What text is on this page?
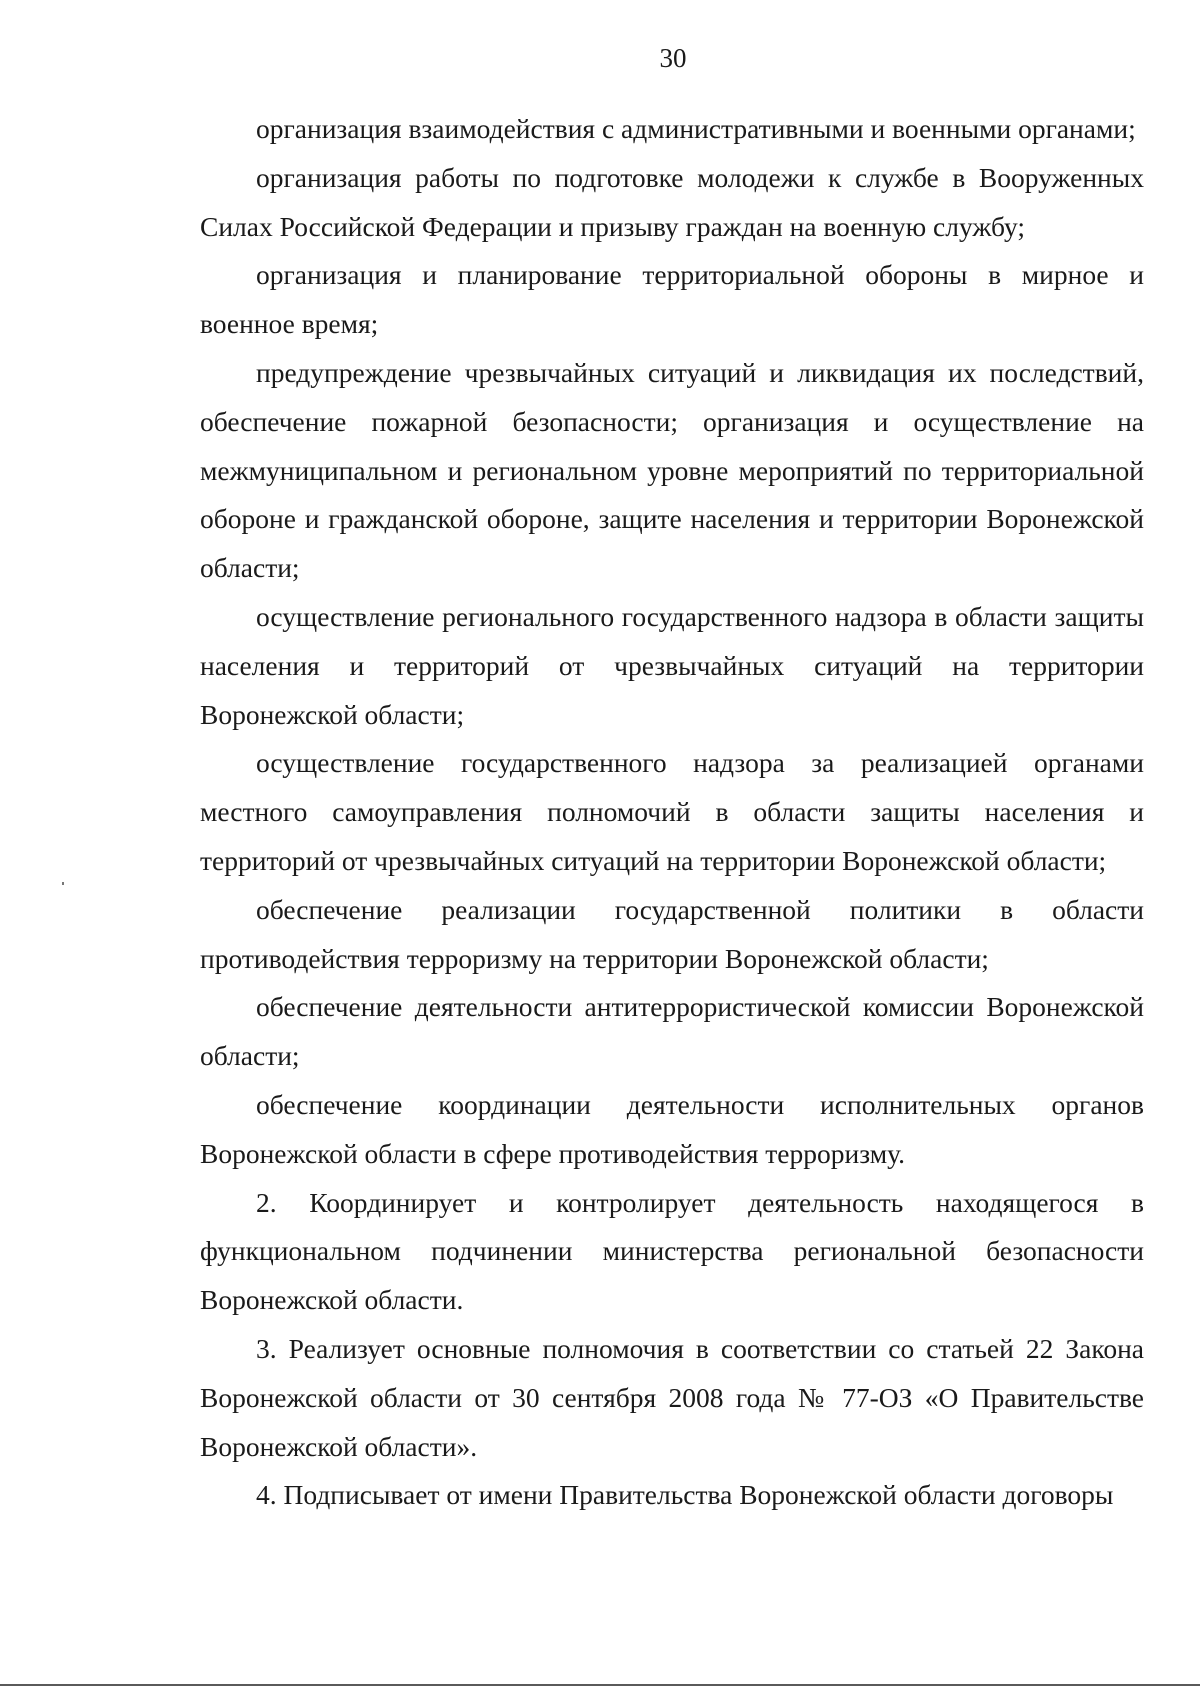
30

организация взаимодействия с административными и военными органами;

организация работы по подготовке молодежи к службе в Вооруженных Силах Российской Федерации и призыву граждан на военную службу;

организация и планирование территориальной обороны в мирное и военное время;

предупреждение чрезвычайных ситуаций и ликвидация их последствий, обеспечение пожарной безопасности; организация и осуществление на межмуниципальном и региональном уровне мероприятий по территориальной обороне и гражданской обороне, защите населения и территории Воронежской области;

осуществление регионального государственного надзора в области защиты населения и территорий от чрезвычайных ситуаций на территории Воронежской области;

осуществление государственного надзора за реализацией органами местного самоуправления полномочий в области защиты населения и территорий от чрезвычайных ситуаций на территории Воронежской области;

обеспечение реализации государственной политики в области противодействия терроризму на территории Воронежской области;

обеспечение деятельности антитеррористической комиссии Воронежской области;

обеспечение координации деятельности исполнительных органов Воронежской области в сфере противодействия терроризму.

2. Координирует и контролирует деятельность находящегося в функциональном подчинении министерства региональной безопасности Воронежской области.

3. Реализует основные полномочия в соответствии со статьей 22 Закона Воронежской области от 30 сентября 2008 года № 77-ОЗ «О Правительстве Воронежской области».

4. Подписывает от имени Правительства Воронежской области договоры
